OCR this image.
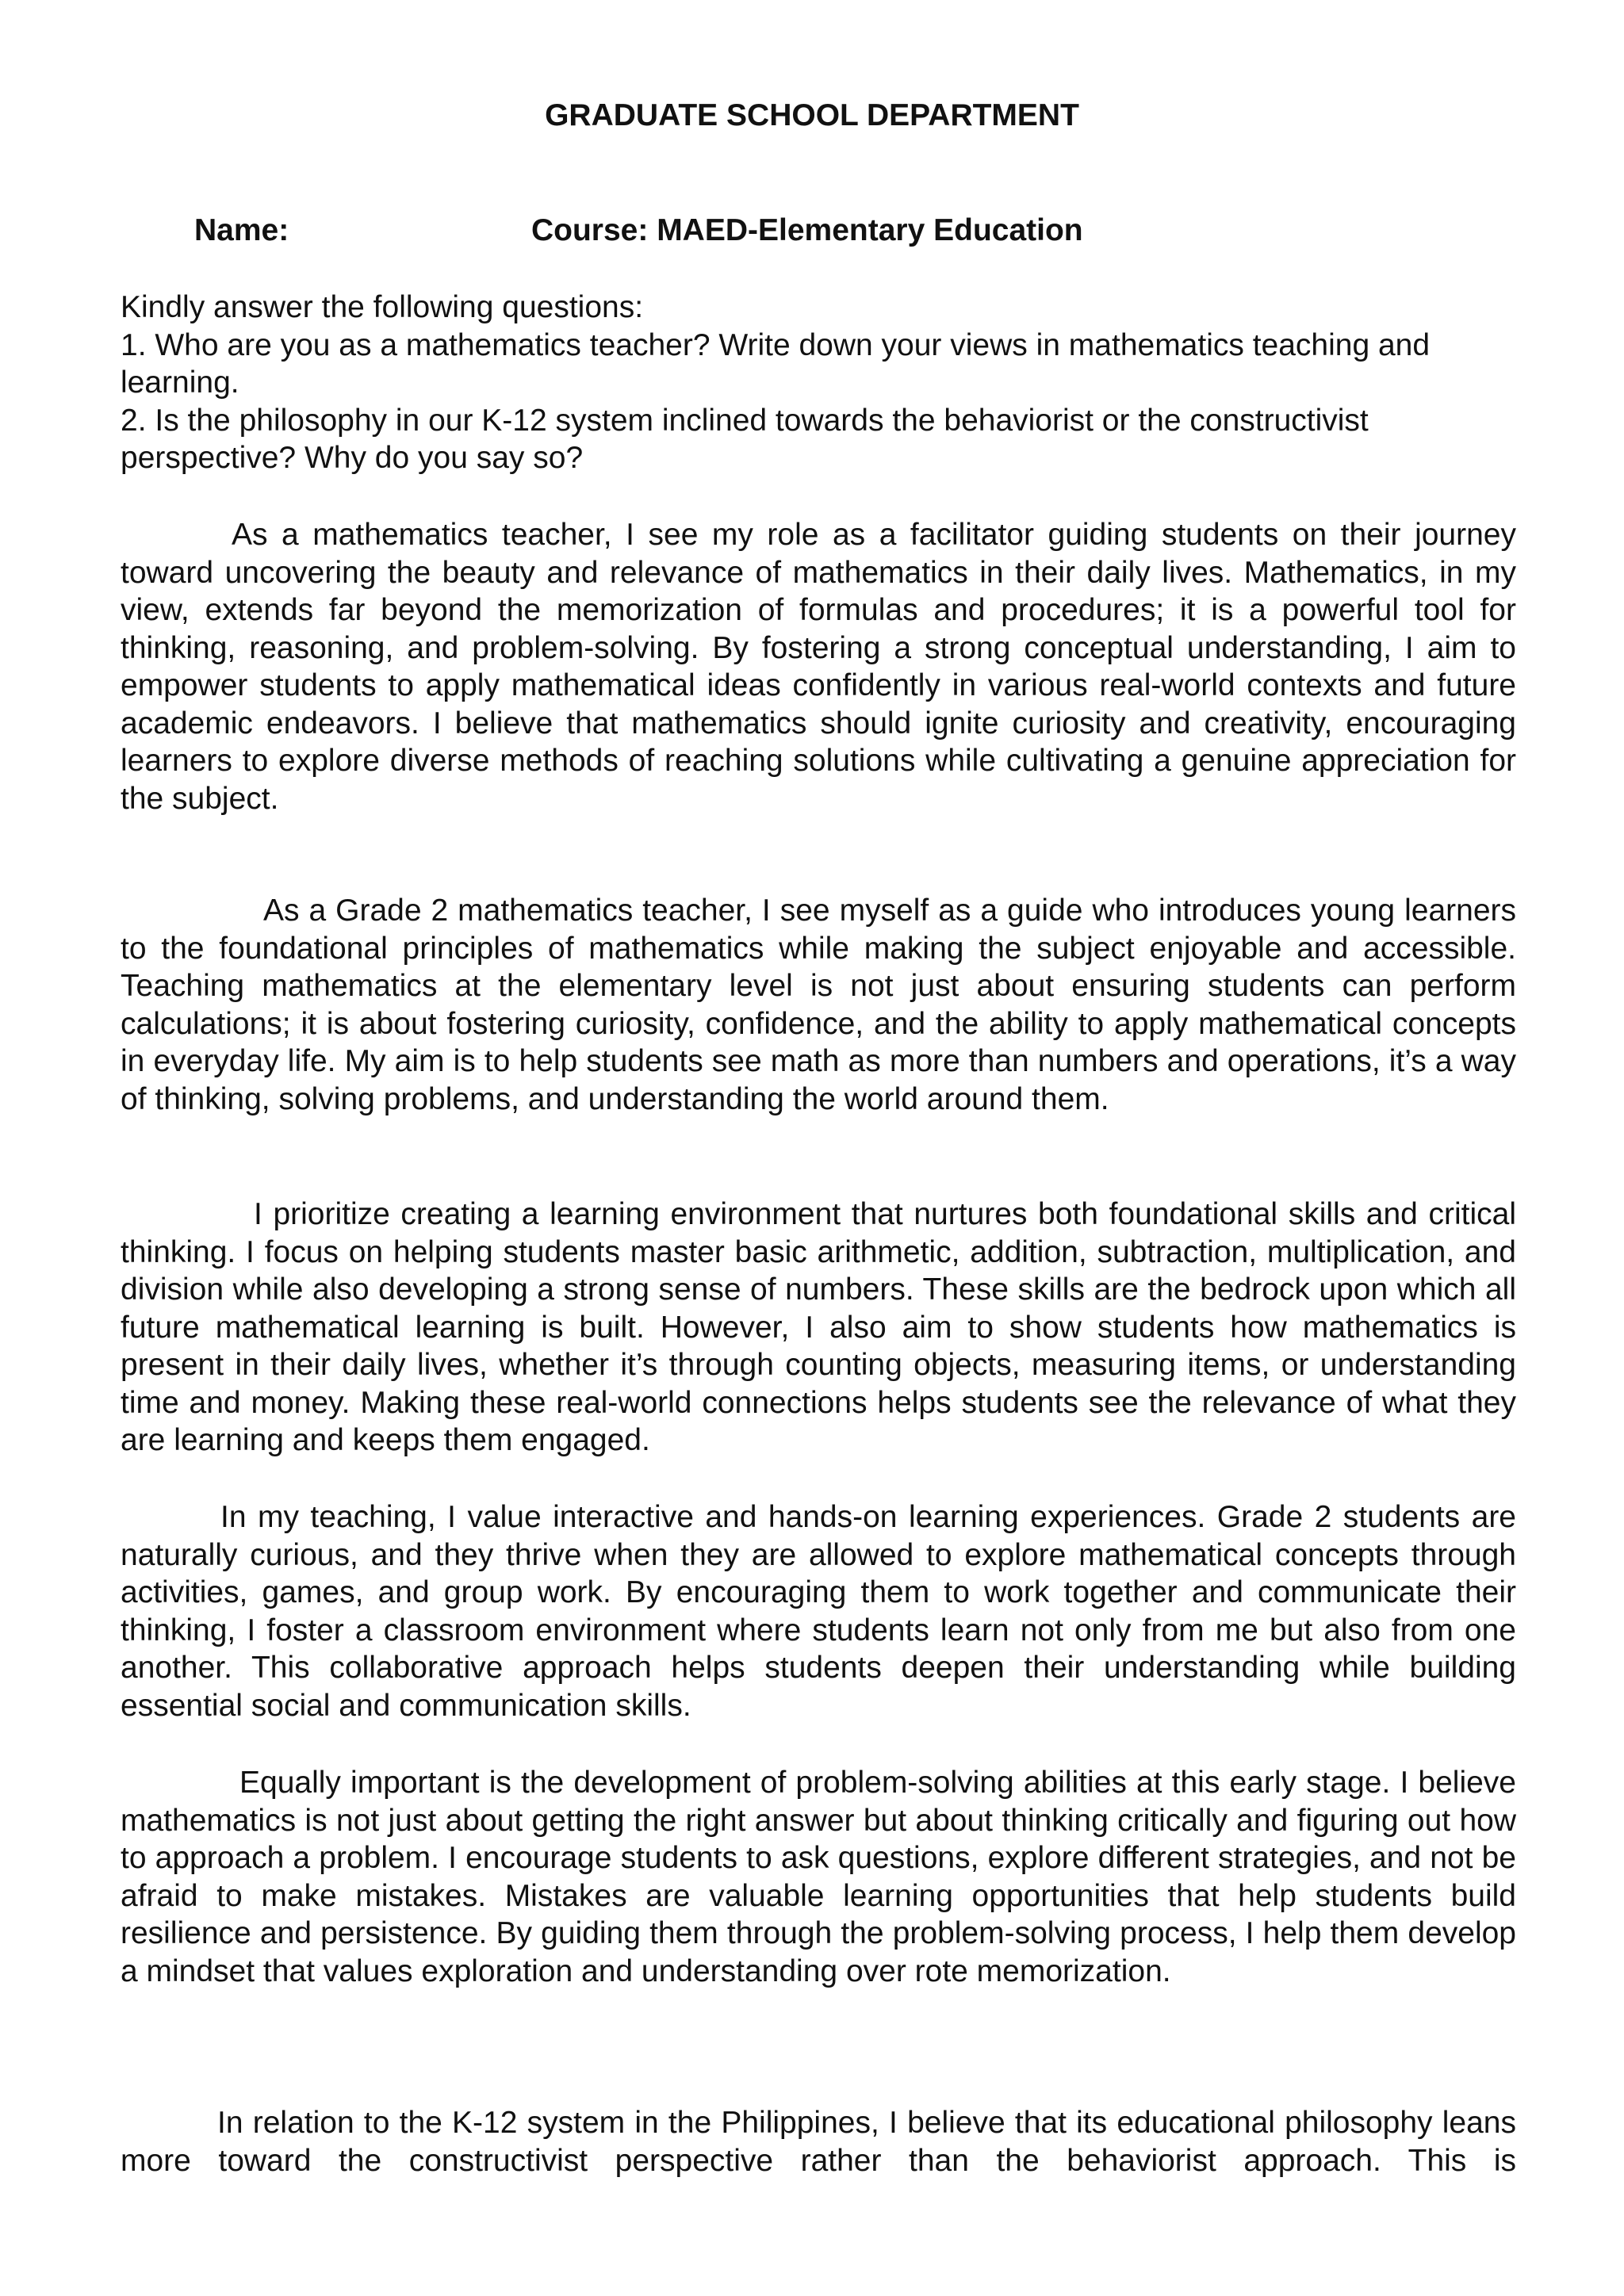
GRADUATE SCHOOL DEPARTMENT
Name:	Course: MAED-Elementary Education

Kindly answer the following questions:

1. Who are you as a mathematics teacher? Write down your views in mathematics teaching and learning.

2. Is the philosophy in our K-12 system inclined towards the behaviorist or the constructivist perspective? Why do you say so?

As a mathematics teacher, I see my role as a facilitator guiding students on their journey toward uncovering the beauty and relevance of mathematics in their daily lives. Mathematics, in my view, extends far beyond the memorization of formulas and procedures; it is a powerful tool for thinking, reasoning, and problem-solving. By fostering a strong conceptual understanding, I aim to empower students to apply mathematical ideas confidently in various real-world contexts and future academic endeavors. I believe that mathematics should ignite curiosity and creativity, encouraging learners to explore diverse methods of reaching solutions while cultivating a genuine appreciation for the subject.

As a Grade 2 mathematics teacher, I see myself as a guide who introduces young learners to the foundational principles of mathematics while making the subject enjoyable and accessible. Teaching mathematics at the elementary level is not just about ensuring students can perform calculations; it is about fostering curiosity, confidence, and the ability to apply mathematical concepts in everyday life. My aim is to help students see math as more than numbers and operations, it’s a way of thinking, solving problems, and understanding the world around them.

I prioritize creating a learning environment that nurtures both foundational skills and critical thinking. I focus on helping students master basic arithmetic, addition, subtraction, multiplication, and division while also developing a strong sense of numbers. These skills are the bedrock upon which all future mathematical learning is built. However, I also aim to show students how mathematics is present in their daily lives, whether it’s through counting objects, measuring items, or understanding time and money. Making these real-world connections helps students see the relevance of what they are learning and keeps them engaged.

In my teaching, I value interactive and hands-on learning experiences. Grade 2 students are naturally curious, and they thrive when they are allowed to explore mathematical concepts through activities, games, and group work. By encouraging them to work together and communicate their thinking, I foster a classroom environment where students learn not only from me but also from one another. This collaborative approach helps students deepen their understanding while building essential social and communication skills.

Equally important is the development of problem-solving abilities at this early stage. I believe mathematics is not just about getting the right answer but about thinking critically and figuring out how to approach a problem. I encourage students to ask questions, explore different strategies, and not be afraid to make mistakes. Mistakes are valuable learning opportunities that help students build resilience and persistence. By guiding them through the problem-solving process, I help them develop a mindset that values exploration and understanding over rote memorization.

In relation to the K-12 system in the Philippines, I believe that its educational philosophy leans more toward the constructivist perspective rather than the behaviorist approach. This is
